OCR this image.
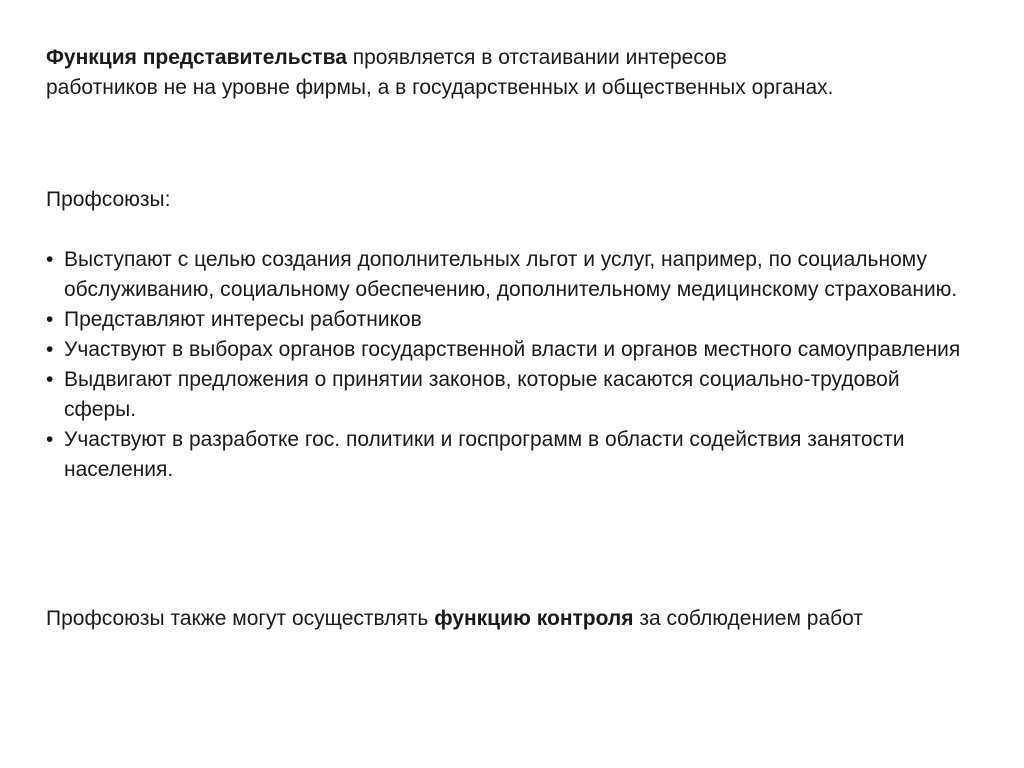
Функция представительства проявляется в отстаивании интересов
работников не на уровне фирмы, а в государственных и общественных органах.

Профсоюзы:

• Выступают с целью создания дополнительных льгот и услуг, например, по социальному обслуживанию, социальному обеспечению, дополнительному медицинскому страхованию.
• Представляют интересы работников
• Участвуют в выборах органов государственной власти и органов местного самоуправления
• Выдвигают предложения о принятии законов, которые касаются социально-трудовой сферы.
• Участвуют в разработке гос. политики и госпрограмм в области содействия занятости населения.

Профсоюзы также могут осуществлять функцию контроля за соблюдением работ
